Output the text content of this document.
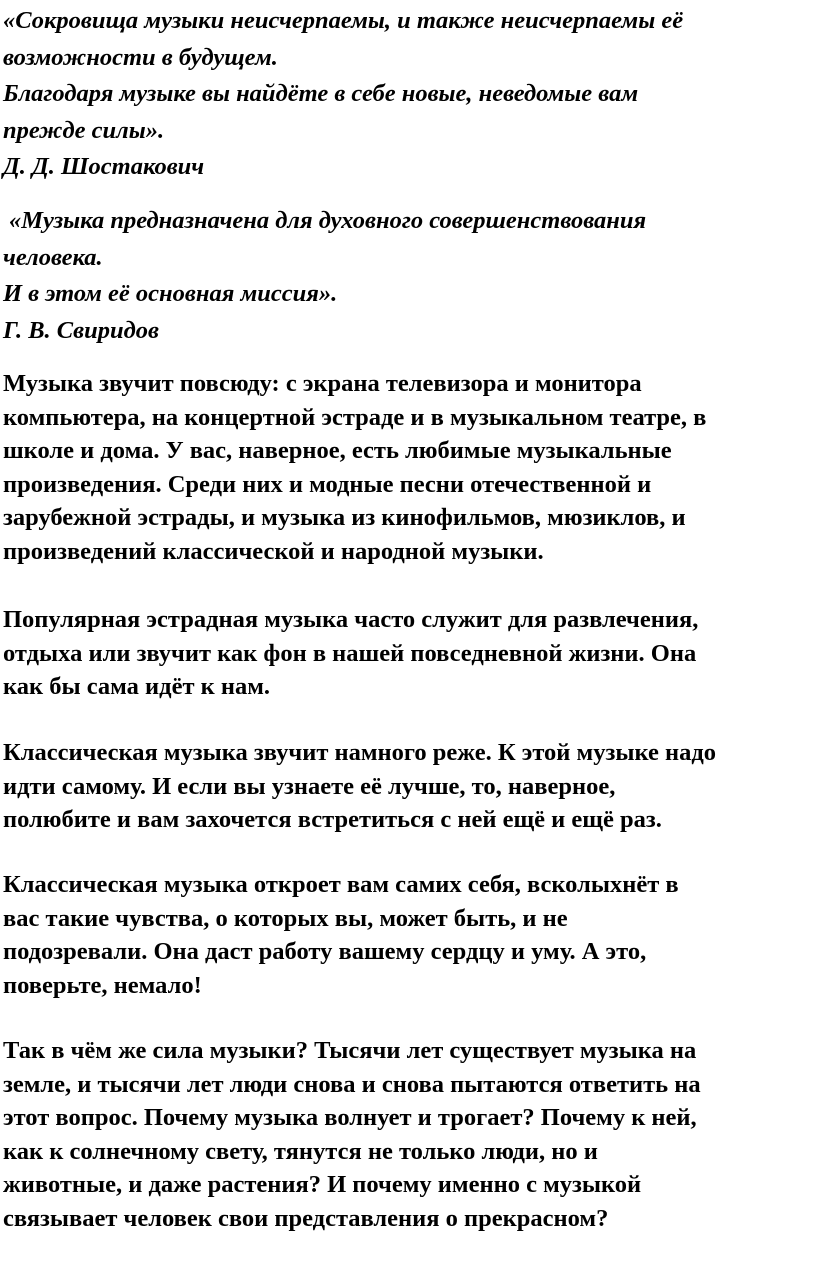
«Сокровища музыки неисчерпаемы, и также неисчерпаемы её
возможности в будущем.
Благодаря музыке вы найдёте в себе новые, неведомые вам
прежде силы».
Д. Д. Шостакович
«Музыка предназначена для духовного совершенствования
человека.
И в этом её основная миссия».
Г. В. Свиридов
Музыка звучит повсюду: с экрана телевизора и монитора
компьютера, на концертной эстраде и в музыкальном театре, в
школе и дома. У вас, наверное, есть любимые музыкальные
произведения. Среди них и модные песни отечественной и
зарубежной эстрады, и музыка из кинофильмов, мюзиклов, и
произведений классической и народной музыки.
Популярная эстрадная музыка часто служит для развлечения,
отдыха или звучит как фон в нашей повседневной жизни. Она
как бы сама идёт к нам.
Классическая музыка звучит намного реже. К этой музыке надо
идти самому. И если вы узнаете её лучше, то, наверное,
полюбите и вам захочется встретиться с ней ещё и ещё раз.
Классическая музыка откроет вам самих себя, всколыхнёт в
вас такие чувства, о которых вы, может быть, и не
подозревали. Она даст работу вашему сердцу и уму. А это,
поверьте, немало!
Так в чём же сила музыки? Тысячи лет существует музыка на
земле, и тысячи лет люди снова и снова пытаются ответить на
этот вопрос. Почему музыка волнует и трогает? Почему к ней,
как к солнечному свету, тянутся не только люди, но и
животные, и даже растения? И почему именно с музыкой
связывает человек свои представления о прекрасном?
